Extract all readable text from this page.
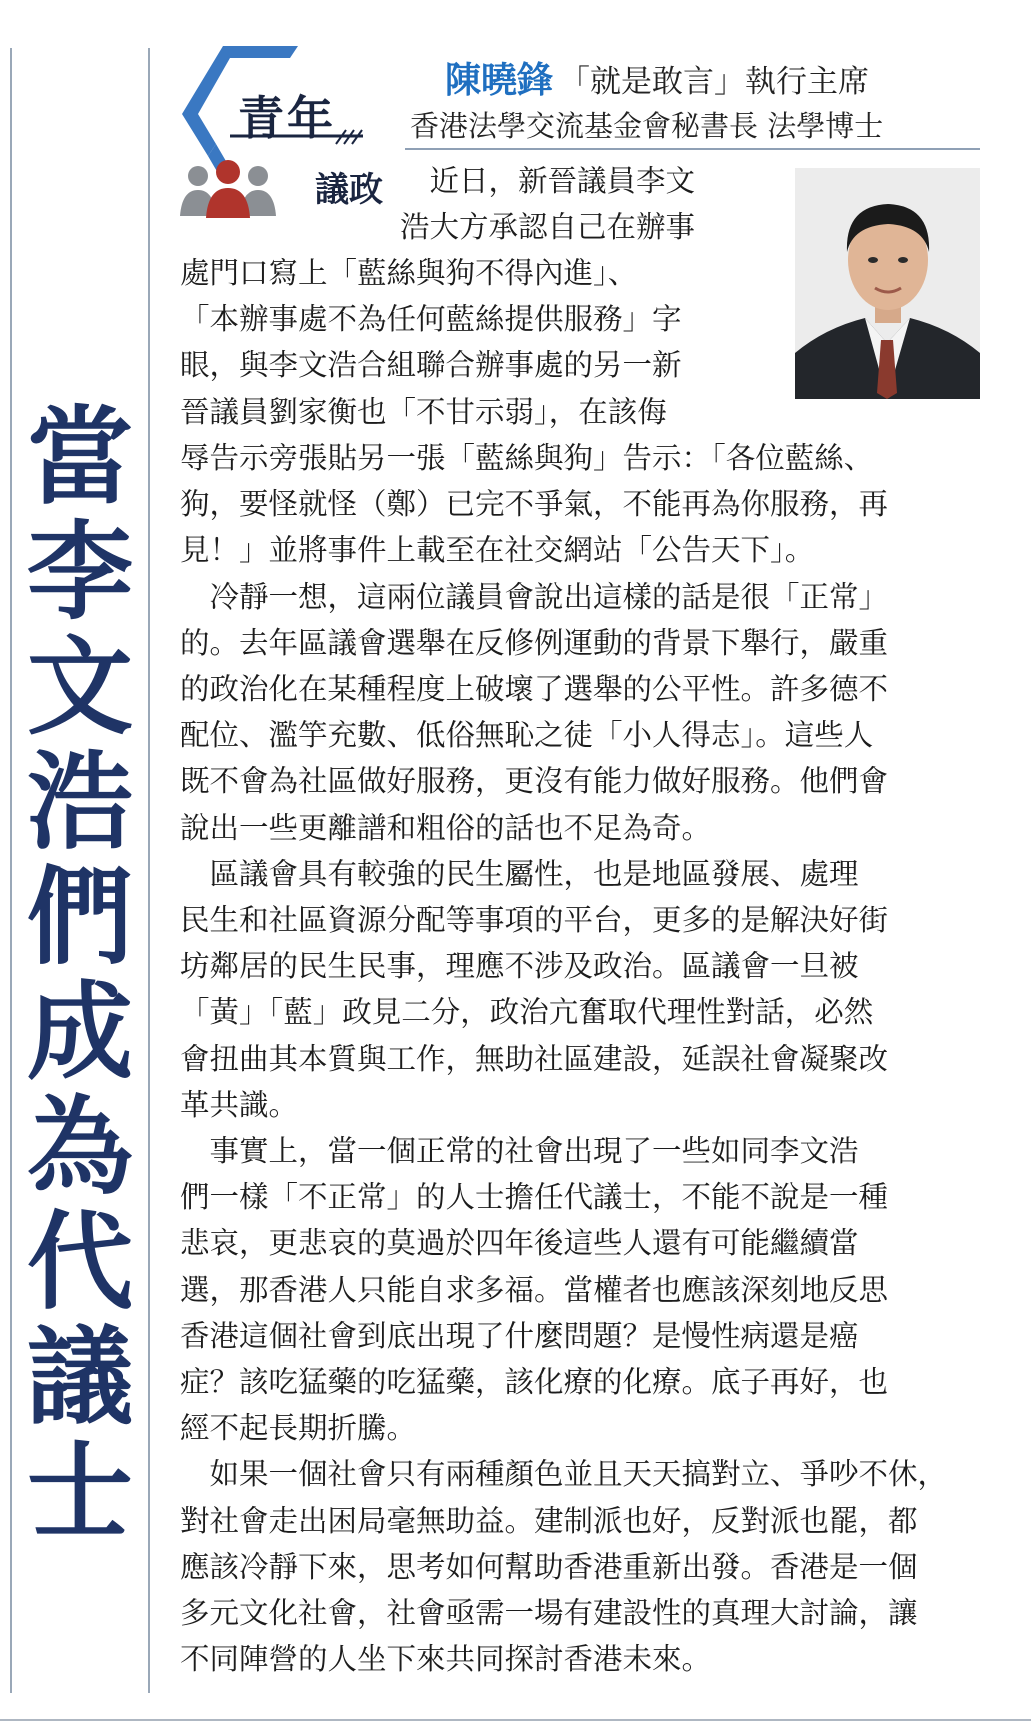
當
李
文
浩
們
成
為
代
議
士
青年
議政
陳曉鋒 「就是敢言」執行主席
香港法學交流基金會秘書長 法學博士
　近日，新晉議員李文
浩大方承認自己在辦事
處門口寫上「藍絲與狗不得內進」、
「本辦事處不為任何藍絲提供服務」字
眼，與李文浩合組聯合辦事處的另一新
晉議員劉家衡也「不甘示弱」，在該侮
辱告示旁張貼另一張「藍絲與狗」告示：「各位藍絲、
狗，要怪就怪（鄭）已完不爭氣，不能再為你服務，再
見！」並將事件上載至在社交網站「公告天下」。
　冷靜一想，這兩位議員會說出這樣的話是很「正常」
的。去年區議會選舉在反修例運動的背景下舉行，嚴重
的政治化在某種程度上破壞了選舉的公平性。許多德不
配位、濫竽充數、低俗無恥之徒「小人得志」。這些人
既不會為社區做好服務，更沒有能力做好服務。他們會
說出一些更離譜和粗俗的話也不足為奇。
　區議會具有較強的民生屬性，也是地區發展、處理
民生和社區資源分配等事項的平台，更多的是解決好街
坊鄰居的民生民事，理應不涉及政治。區議會一旦被
「黃」「藍」政見二分，政治亢奮取代理性對話，必然
會扭曲其本質與工作，無助社區建設，延誤社會凝聚改
革共識。
　事實上，當一個正常的社會出現了一些如同李文浩
們一樣「不正常」的人士擔任代議士，不能不說是一種
悲哀，更悲哀的莫過於四年後這些人還有可能繼續當
選，那香港人只能自求多福。當權者也應該深刻地反思
香港這個社會到底出現了什麼問題？是慢性病還是癌
症？該吃猛藥的吃猛藥，該化療的化療。底子再好，也
經不起長期折騰。
　如果一個社會只有兩種顏色並且天天搞對立、爭吵不休，
對社會走出困局毫無助益。建制派也好，反對派也罷，都
應該冷靜下來，思考如何幫助香港重新出發。香港是一個
多元文化社會，社會亟需一場有建設性的真理大討論，讓
不同陣營的人坐下來共同探討香港未來。
